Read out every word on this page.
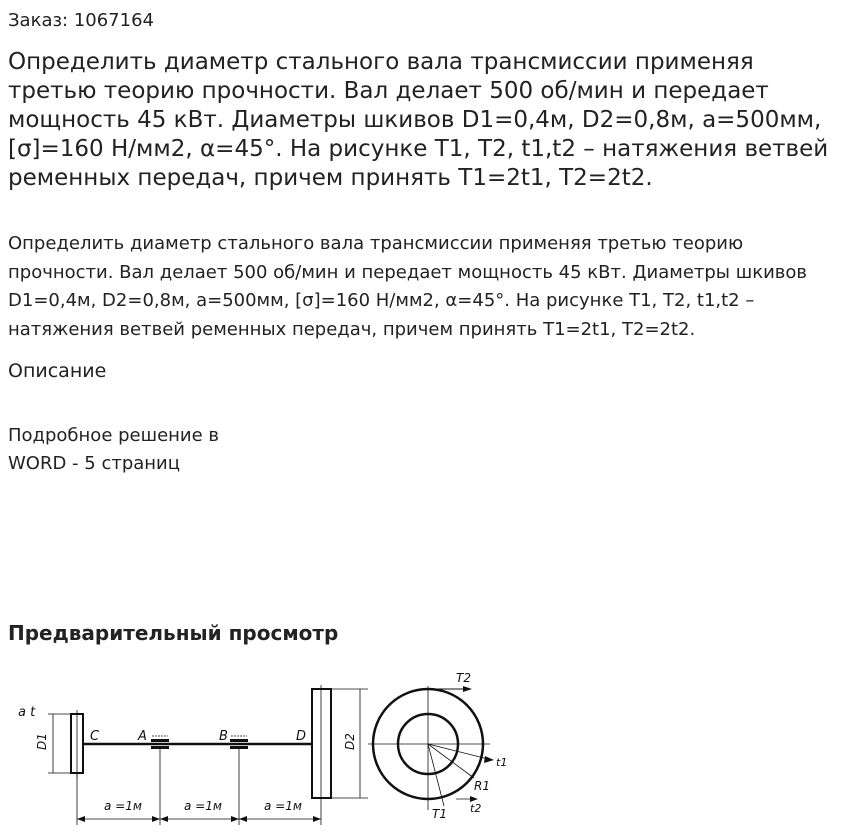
Заказ: 1067164
Определить диаметр стального вала трансмиссии применяя третью теорию прочности. Вал делает 500 об/мин и передает мощность 45 кВт. Диаметры шкивов D1=0,4м, D2=0,8м, a=500мм, [σ]=160 Н/мм2, α=45°. На рисунке T1, T2, t1,t2 – натяжения ветвей ременных передач, причем принять T1=2t1, T2=2t2.

Определить диаметр стального вала трансмиссии применяя третью теорию прочности. Вал делает 500 об/мин и передает мощность 45 кВт. Диаметры шкивов D1=0,4м, D2=0,8м, a=500мм, [σ]=160 Н/мм2, α=45°. На рисунке T1, T2, t1,t2 – натяжения ветвей ременных передач, причем принять T1=2t1, T2=2t2.

Описание
Подробное решение в
WORD - 5 страниц
Предварительный просмотр
D1
a t
C	A	B	D	D2
a =1м	a =1м	a =1м
T2
t1
R1
t2
T1
